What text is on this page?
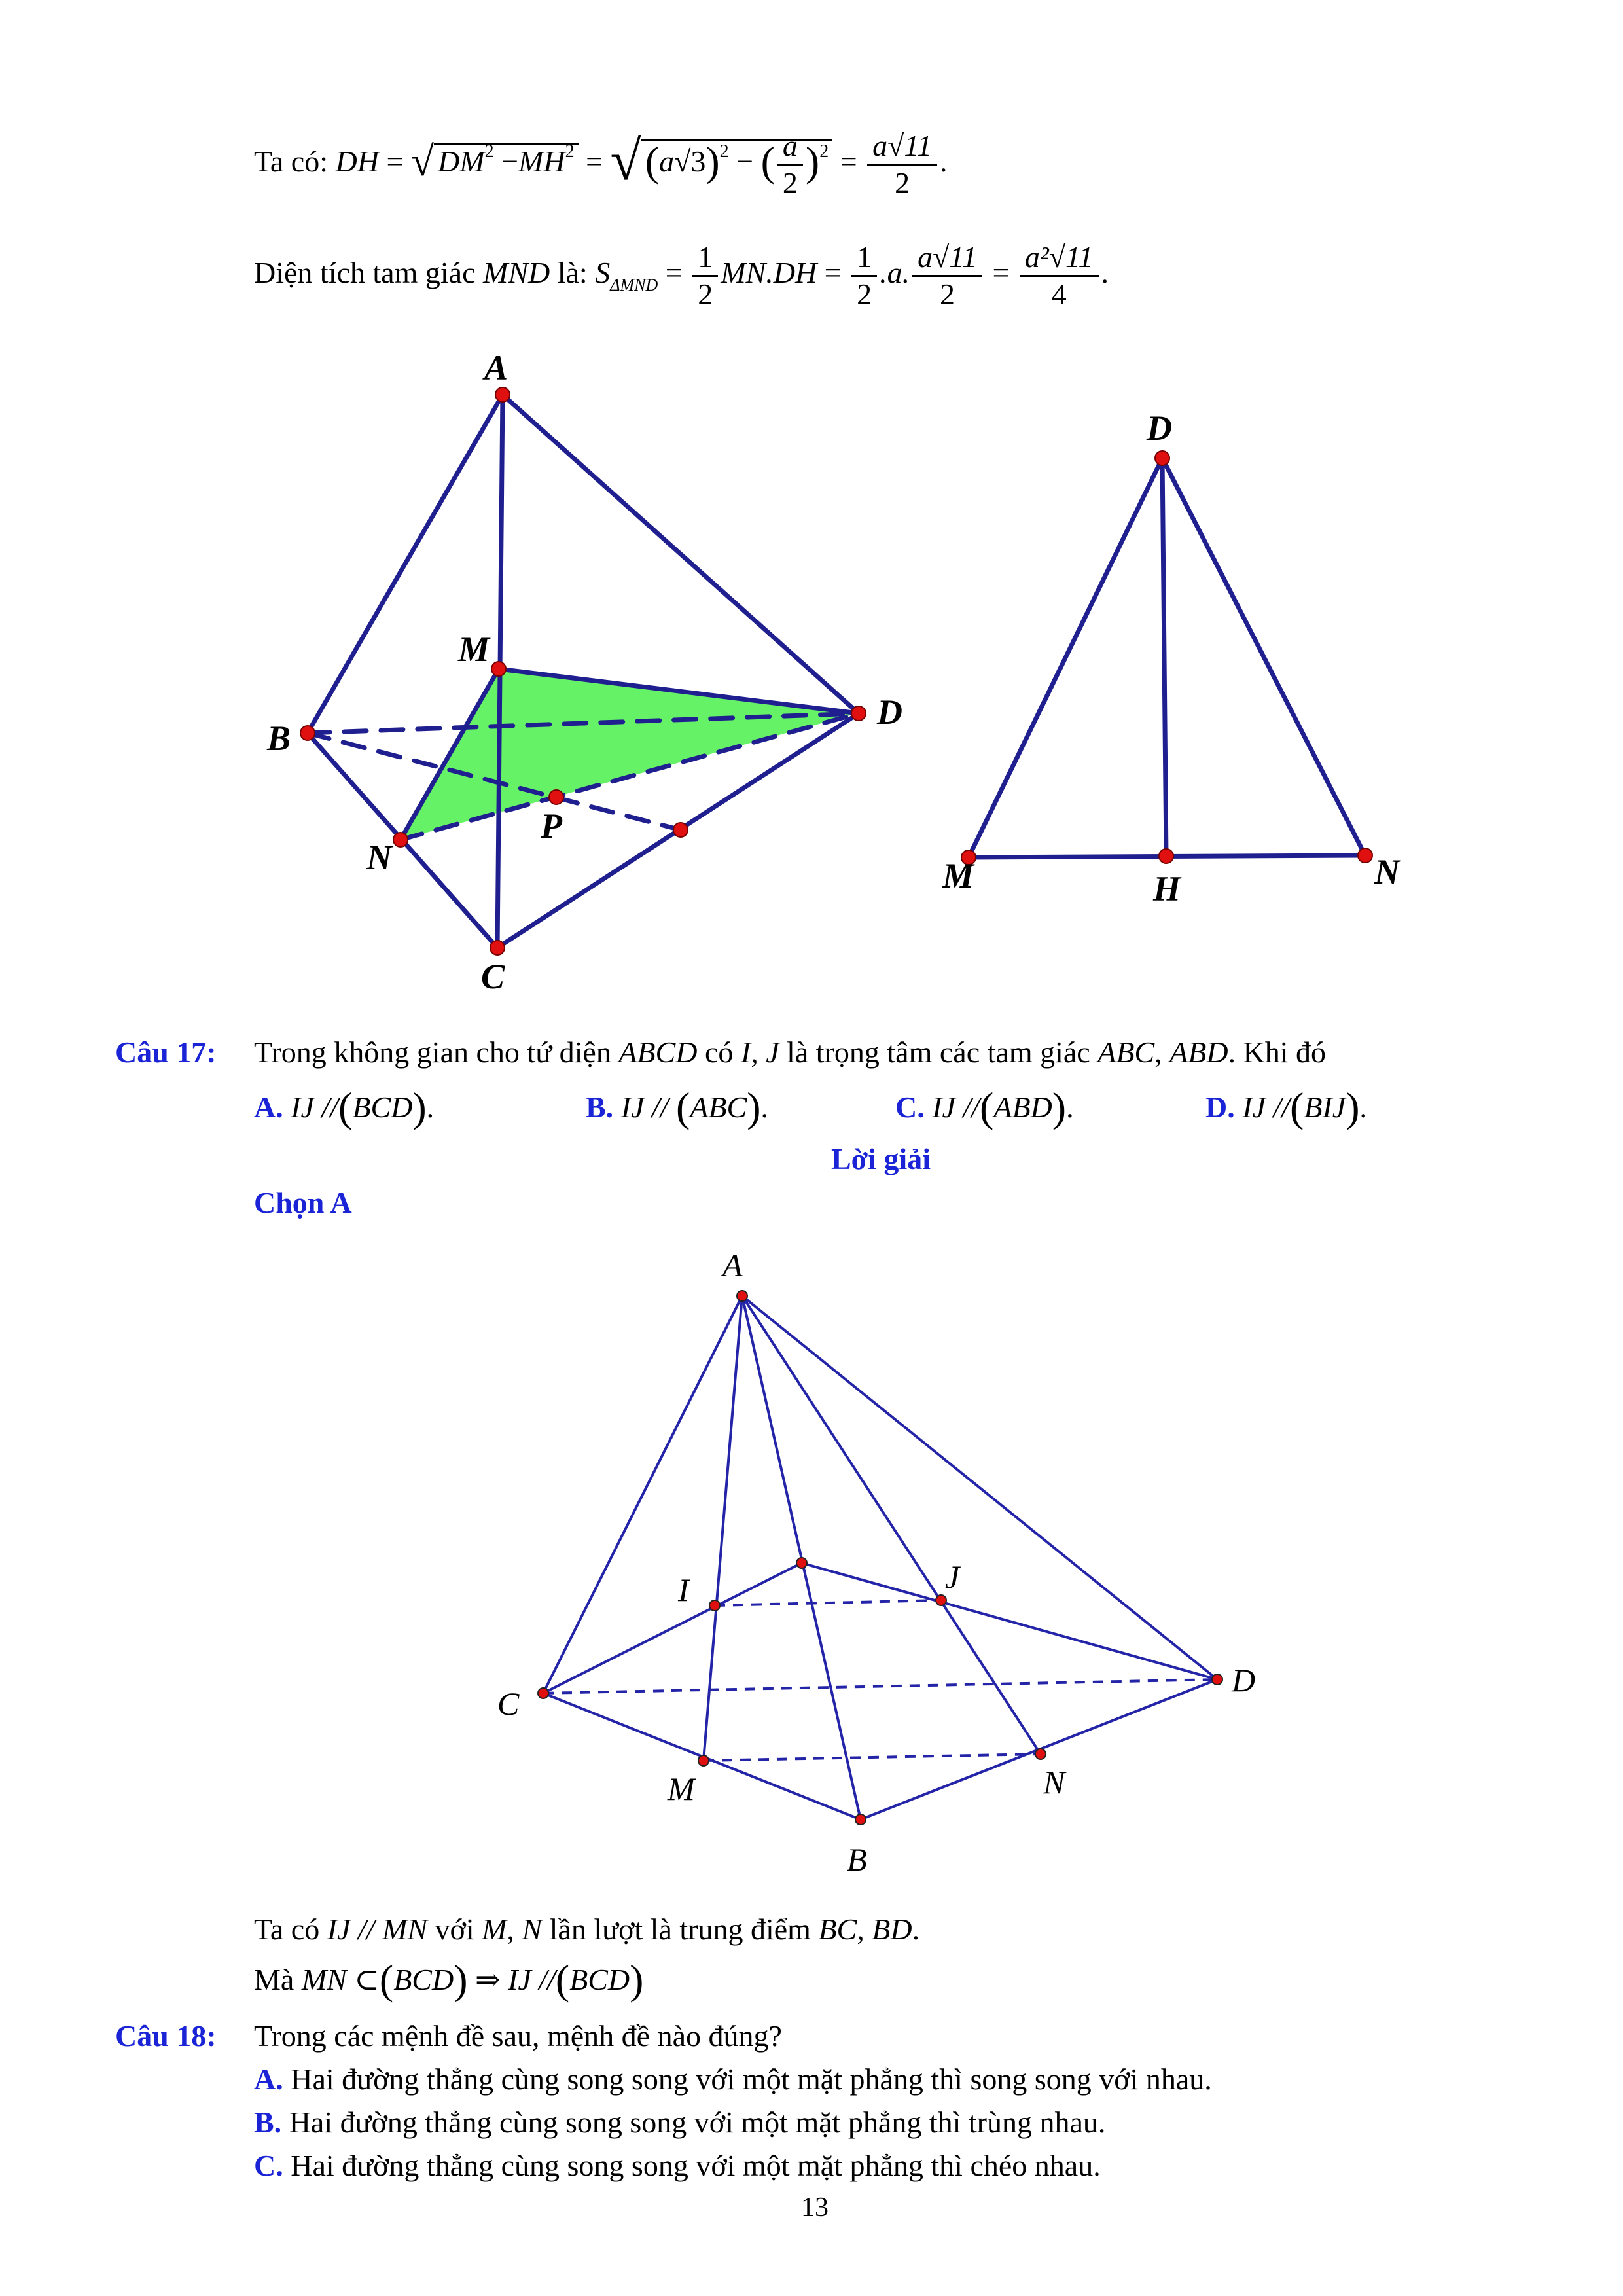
Ta có: DH = √ $DM^2 -MH^2 = √(a√3)^2$ − ( $\frac{a}{2} )^2 = \frac{a√11}{2}$ .
Diện tích tam giác MND là: $S_{\Delta MND} = \frac{1}{2} MN.DH = \frac{1}{2} .a$. $\frac{a√11}{2} = \frac{\text{a²√11}}{4}$ .
A
B
C
D
M
N
P
D
M	H	N
A
I	J
C
D
M	N
B
Câu 17: Trong không gian cho tứ diện ABCD có I, J là trọng tâm các tam giác ABC, ABD. Khi đó
A. IJ //(BCD).	B. IJ // (ABC).	C. IJ //(ABD).	D. IJ //(BIJ).
Lời giải
Chọn A
Ta có IJ // MN với M, N lần lượt là trung điểm BC, BD.
Mà MN ⊂(BCD) ⇒ IJ //(BCD)
Câu 18: Trong các mệnh đề sau, mệnh đề nào đúng?
A. Hai đường thẳng cùng song song với một mặt phẳng thì song song với nhau.
B. Hai đường thẳng cùng song song với một mặt phẳng thì trùng nhau.
C. Hai đường thẳng cùng song song với một mặt phẳng thì chéo nhau.
13
